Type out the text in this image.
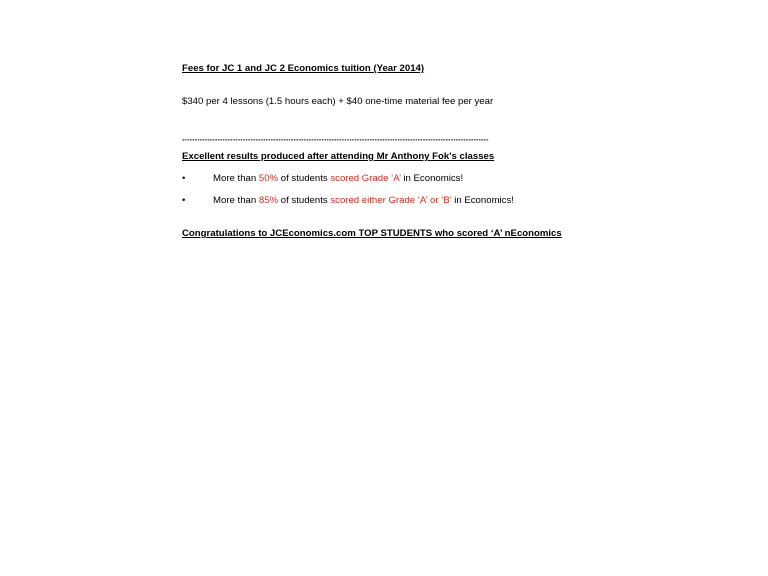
Fees for JC 1 and JC 2 Economics tuition (Year 2014)
$340 per 4 lessons (1.5 hours each) + $40 one-time material fee per year
*************************************************************************************************************************
Excellent results produced after attending Mr Anthony Fok's classes
•	More than 50% of students scored Grade ‘A’ in Economics!
•	More than 85% of students scored either Grade ‘A’ or ‘B’ in Economics!
Congratulations to JCEconomics.com TOP STUDENTS who scored ‘A’ nEconomics
